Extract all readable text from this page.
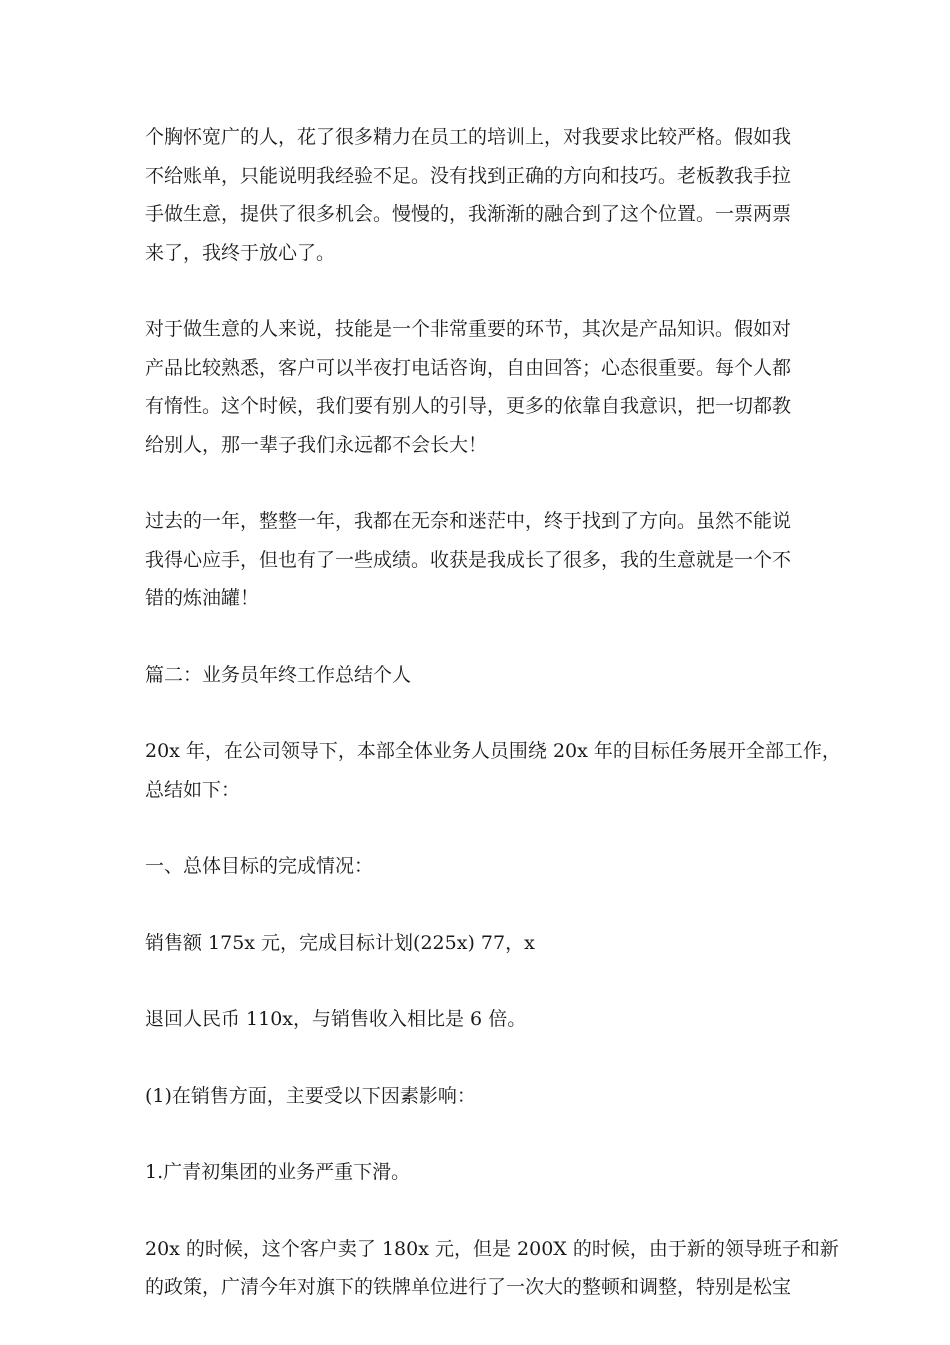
个胸怀宽广的人，花了很多精力在员工的培训上，对我要求比较严格。假如我
不给账单，只能说明我经验不足。没有找到正确的方向和技巧。老板教我手拉
手做生意，提供了很多机会。慢慢的，我渐渐的融合到了这个位置。一票两票
来了，我终于放心了。

对于做生意的人来说，技能是一个非常重要的环节，其次是产品知识。假如对
产品比较熟悉，客户可以半夜打电话咨询，自由回答；心态很重要。每个人都
有惰性。这个时候，我们要有别人的引导，更多的依靠自我意识，把一切都教
给别人，那一辈子我们永远都不会长大！

过去的一年，整整一年，我都在无奈和迷茫中，终于找到了方向。虽然不能说
我得心应手，但也有了一些成绩。收获是我成长了很多，我的生意就是一个不
错的炼油罐！

篇二：业务员年终工作总结个人

20x 年，在公司领导下，本部全体业务人员围绕 20x 年的目标任务展开全部工作，
总结如下：

一、总体目标的完成情况：

销售额 175x 元，完成目标计划(225x) 77，x

退回人民币 110x，与销售收入相比是 6 倍。

(1)在销售方面，主要受以下因素影响：

1.广青初集团的业务严重下滑。

20x 的时候，这个客户卖了 180x 元，但是 200X 的时候，由于新的领导班子和新
的政策，广清今年对旗下的铁牌单位进行了一次大的整顿和调整，特别是松宝
